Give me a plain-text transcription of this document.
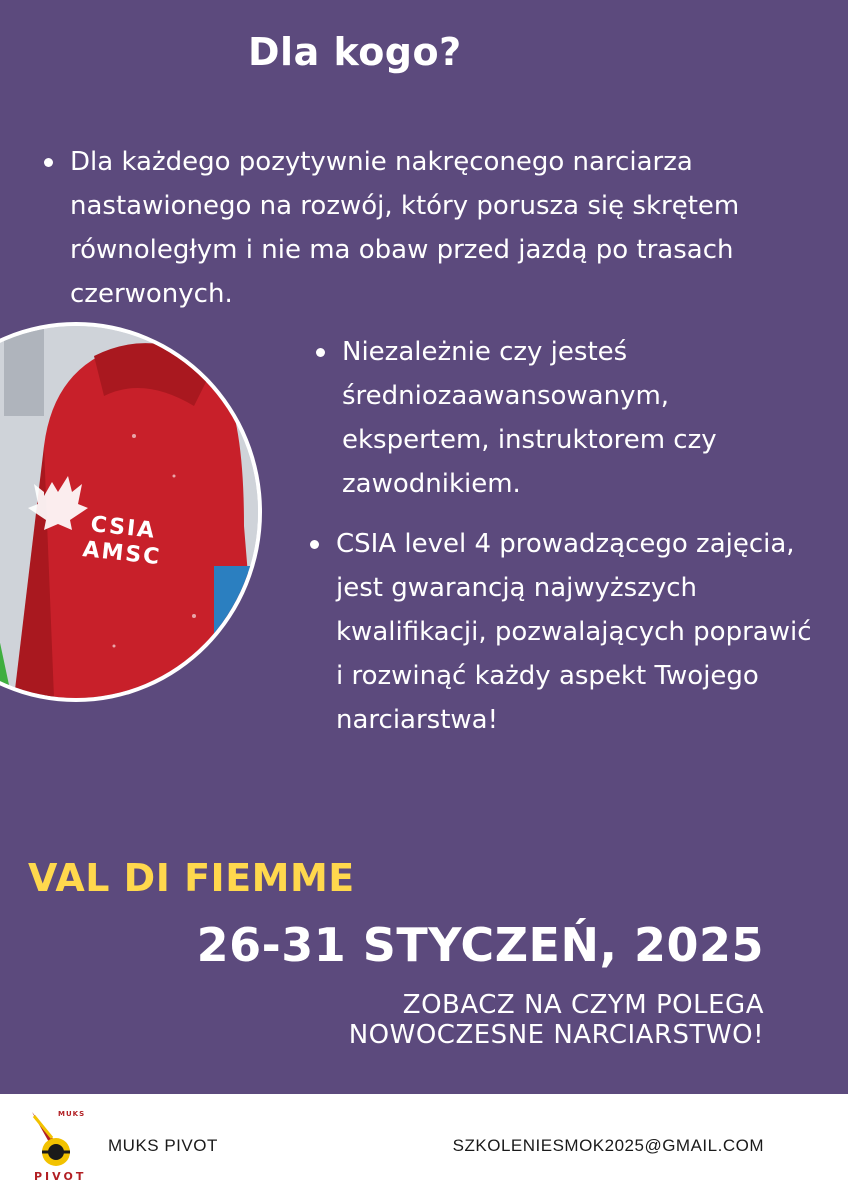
Dla kogo?
Dla każdego pozytywnie nakręconego narciarza nastawionego na rozwój, który porusza się skrętem równoległym i nie ma obaw przed jazdą po trasach czerwonych.
CSIA
AMSC
Niezależnie czy jesteś średniozaawansowanym, ekspertem, instruktorem czy zawodnikiem.
CSIA level 4 prowadzącego zajęcia, jest gwarancją najwyższych kwalifikacji, pozwalających poprawić i rozwinąć każdy aspekt Twojego narciarstwa!
VAL DI FIEMME
26-31 STYCZEŃ, 2025
ZOBACZ NA CZYM POLEGA
NOWOCZESNE NARCIARSTWO!
MUKS
PIVOT
MUKS PIVOT	SZKOLENIESMOK2025@GMAIL.COM
